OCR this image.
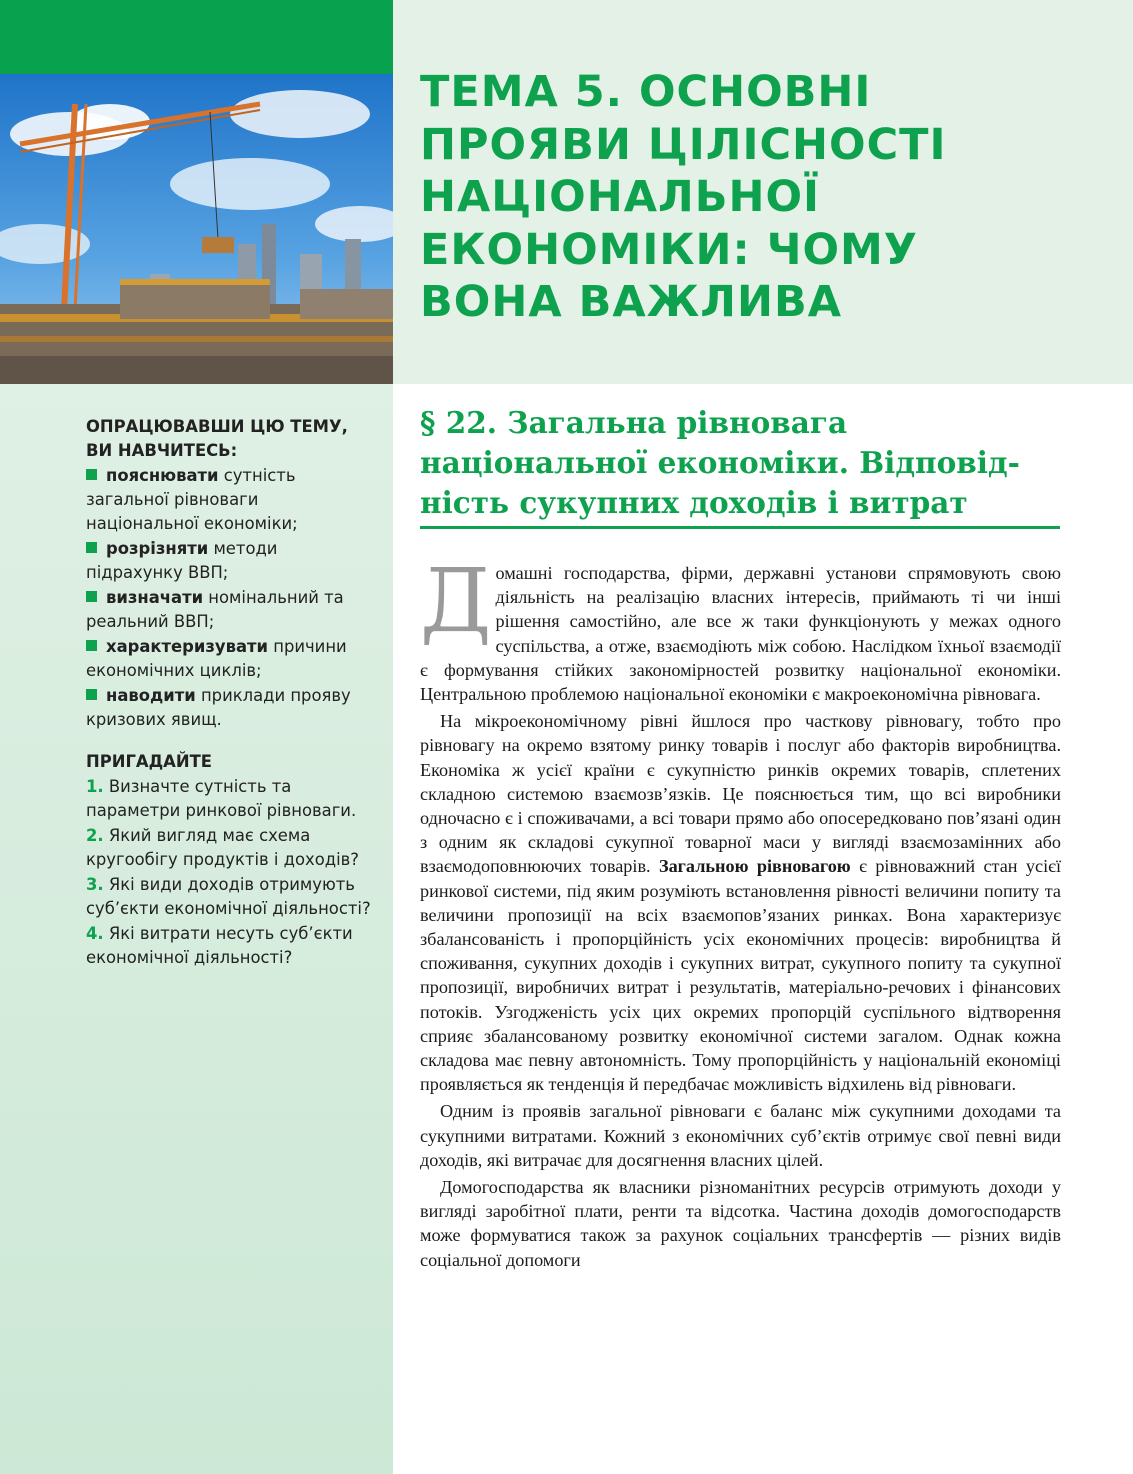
ТЕМА 5. ОСНОВНІ
ПРОЯВИ ЦІЛІСНОСТІ
НАЦІОНАЛЬНОЇ
ЕКОНОМІКИ: ЧОМУ
ВОНА ВАЖЛИВА
ОПРАЦЮВАВШИ ЦЮ ТЕМУ,
ВИ НАВЧИТЕСЬ:
пояснювати сутність загальної рівноваги національної економіки;
розрізняти методи підрахунку ВВП;
визначати номінальний та реальний ВВП;
характеризувати причини економічних циклів;
наводити приклади прояву кризових явищ.
ПРИГАДАЙТЕ
1. Визначте сутність та параметри ринкової рівноваги.
2. Який вигляд має схема кругообігу продуктів і доходів?
3. Які види доходів отримують суб’єкти економічної діяльності?
4. Які витрати несуть суб’єкти економічної діяльності?
§ 22. Загальна рівновага
національної економіки. Відповід-
ність сукупних доходів і витрат

Домашні господарства, фірми, державні установи спрямовують свою діяльність на реалізацію власних інтересів, приймають ті чи інші рішення самостійно, але все ж таки функціонують у межах одного суспільства, а отже, взаємодіють між собою. Наслідком їхньої взаємодії є формування стійких закономірностей розвитку національної економіки. Центральною проблемою національної економіки є макроекономічна рівновага.

На мікроекономічному рівні йшлося про часткову рівновагу, тобто про рівновагу на окремо взятому ринку товарів і послуг або факторів виробництва. Економіка ж усієї країни є сукупністю ринків окремих товарів, сплетених складною системою взаємозв’язків. Це пояснюється тим, що всі виробники одночасно є і споживачами, а всі товари прямо або опосередковано пов’язані один з одним як складові сукупної товарної маси у вигляді взаємозамінних або взаємодоповнюючих товарів. Загальною рівновагою є рівноважний стан усієї ринкової системи, під яким розуміють встановлення рівності величини попиту та величини пропозиції на всіх взаємопов’язаних ринках. Вона характеризує збалансованість і пропорційність усіх економічних процесів: виробництва й споживання, сукупних доходів і сукупних витрат, сукупного попиту та сукупної пропозиції, виробничих витрат і результатів, матеріально-речових і фінансових потоків. Узгодженість усіх цих окремих пропорцій суспільного відтворення сприяє збалансованому розвитку економічної системи загалом. Однак кожна складова має певну автономність. Тому пропорційність у національній економіці проявляється як тенденція й передбачає можливість відхилень від рівноваги.

Одним із проявів загальної рівноваги є баланс між сукупними доходами та сукупними витратами. Кожний з економічних суб’єктів отримує свої певні види доходів, які витрачає для досягнення власних цілей.

Домогосподарства як власники різноманітних ресурсів отримують доходи у вигляді заробітної плати, ренти та відсотка. Частина доходів домогосподарств може формуватися також за рахунок соціальних трансфертів — різних видів соціальної допомоги
